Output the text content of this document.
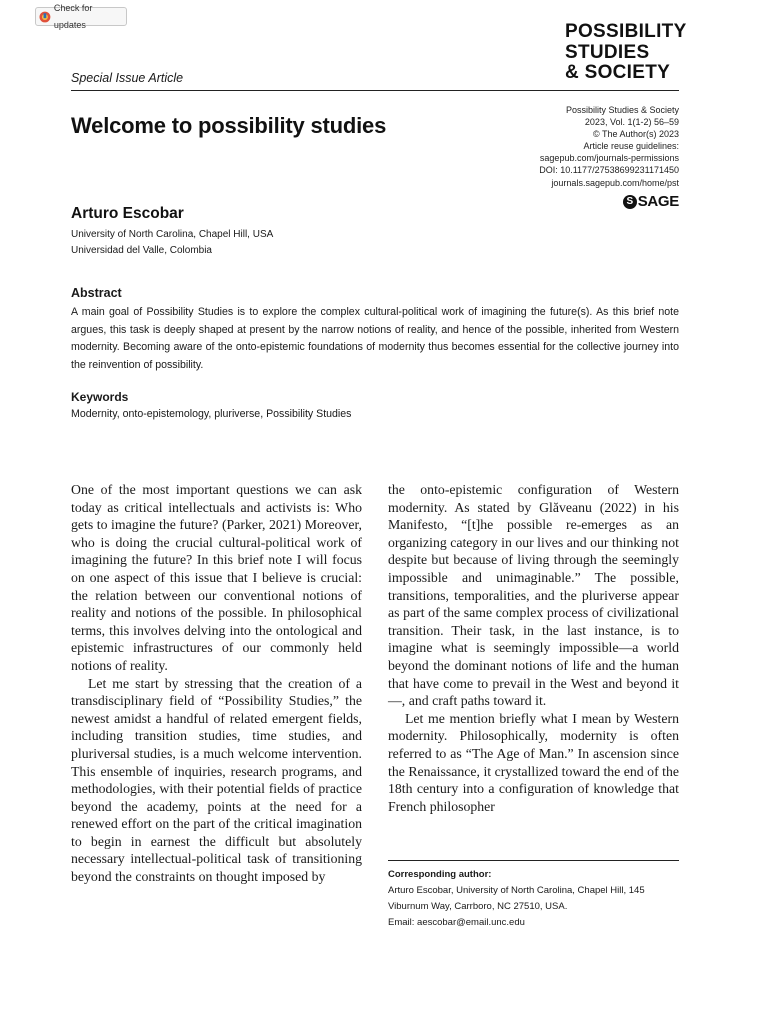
Check for updates	POSSIBILITY
STUDIES
& SOCIETY
Special Issue Article
Possibility Studies & Society
2023, Vol. 1(1-2) 56–59
© The Author(s) 2023
Article reuse guidelines:
sagepub.com/journals-permissions
DOI: 10.1177/27538699231171450
journals.sagepub.com/home/pst
S SAGE
Welcome to possibility studies
Arturo Escobar
University of North Carolina, Chapel Hill, USA
Universidad del Valle, Colombia
Abstract
A main goal of Possibility Studies is to explore the complex cultural-political work of imagining the future(s). As this brief note argues, this task is deeply shaped at present by the narrow notions of reality, and hence of the possible, inherited from Western modernity. Becoming aware of the onto-epistemic foundations of modernity thus becomes essential for the collective journey into the reinvention of possibility.
Keywords
Modernity, onto-epistemology, pluriverse, Possibility Studies

One of the most important questions we can ask today as critical intellectuals and activists is: Who gets to imagine the future? (Parker, 2021) Moreover, who is doing the crucial cultural-political work of imagining the future? In this brief note I will focus on one aspect of this issue that I believe is crucial: the relation between our conventional notions of reality and notions of the possible. In philosophical terms, this involves delving into the ontological and epistemic infrastructures of our commonly held notions of reality.

Let me start by stressing that the creation of a transdisciplinary field of “Possibility Studies,” the newest amidst a handful of related emergent fields, including transition studies, time studies, and pluriversal studies, is a much welcome intervention. This ensemble of inquiries, research programs, and methodologies, with their potential fields of practice beyond the academy, points at the need for a renewed effort on the part of the critical imagination to begin in earnest the difficult but absolutely necessary intellectual-political task of transitioning beyond the constraints on thought imposed by

the onto-epistemic configuration of Western modernity. As stated by Glăveanu (2022) in his Manifesto, “[t]he possible re-emerges as an organizing category in our lives and our thinking not despite but because of living through the seemingly impossible and unimaginable.” The possible, transitions, temporalities, and the pluriverse appear as part of the same complex process of civilizational transition. Their task, in the last instance, is to imagine what is seemingly impossible—a world beyond the dominant notions of life and the human that have come to prevail in the West and beyond it—, and craft paths toward it.

Let me mention briefly what I mean by Western modernity. Philosophically, modernity is often referred to as “The Age of Man.” In ascension since the Renaissance, it crystallized toward the end of the 18th century into a configuration of knowledge that French philosopher

Corresponding author:
Arturo Escobar, University of North Carolina, Chapel Hill, 145
Viburnum Way, Carrboro, NC 27510, USA.
Email: aescobar@email.unc.edu
